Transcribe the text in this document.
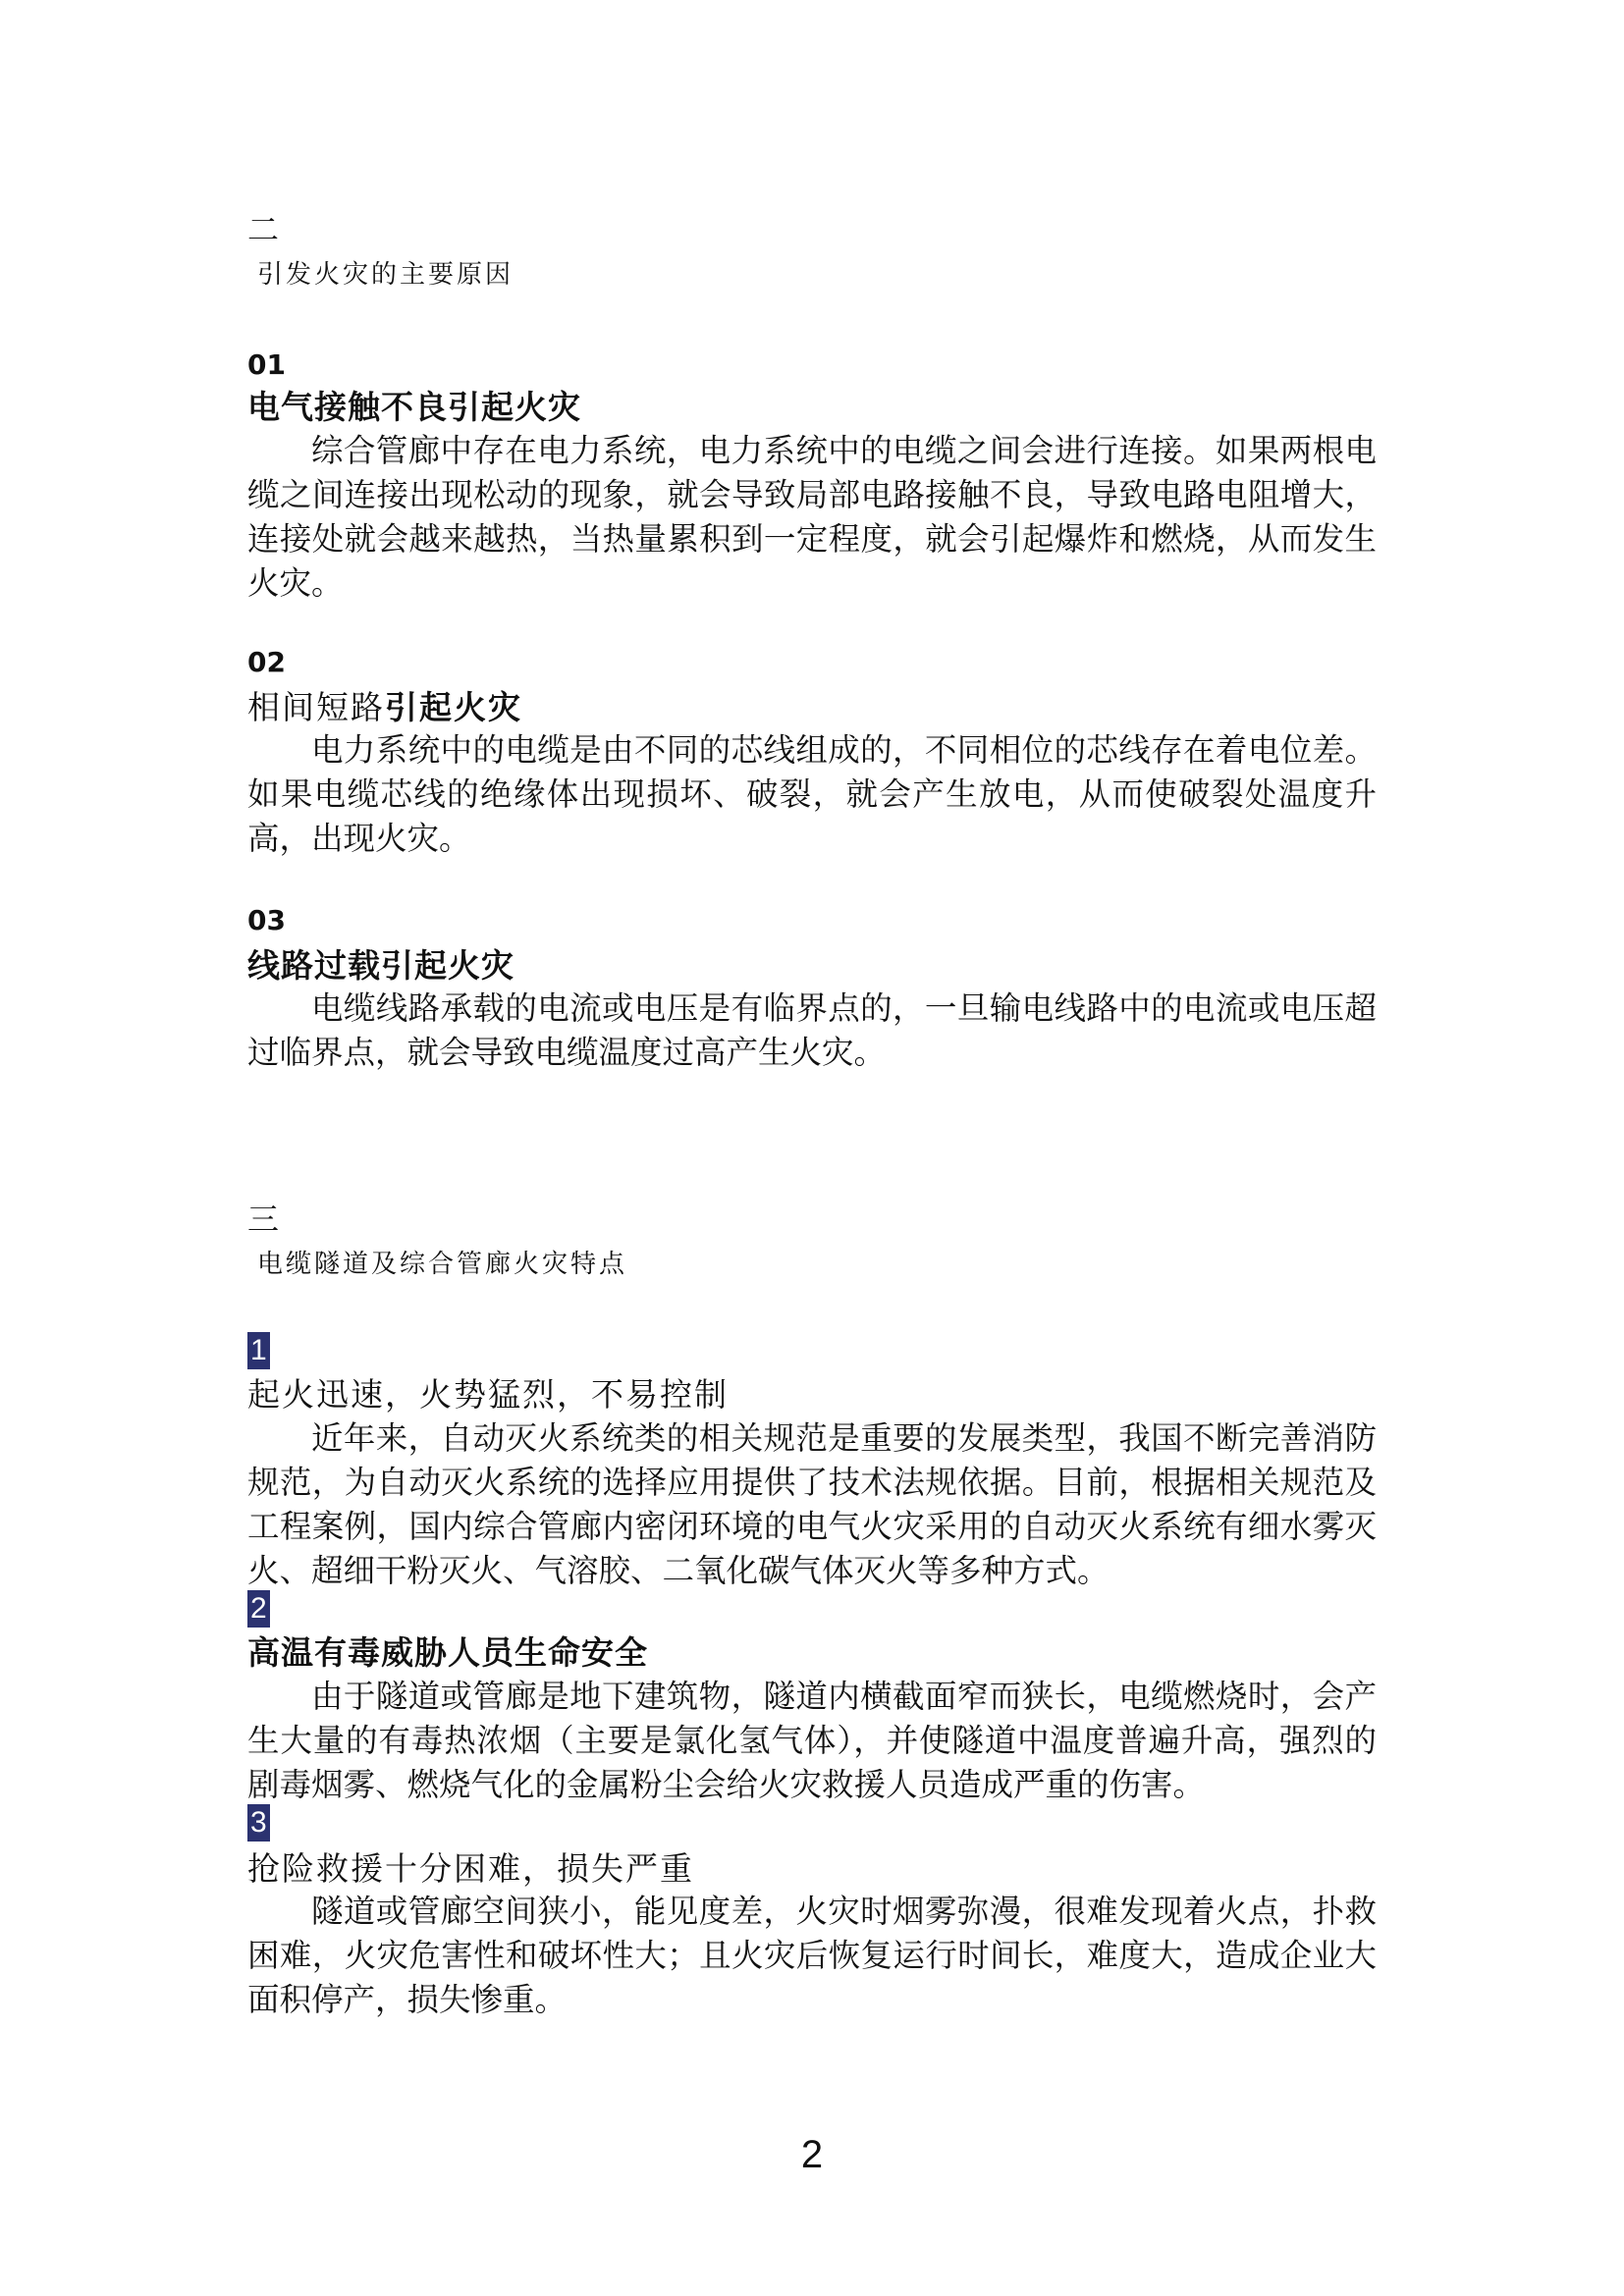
二
引发火灾的主要原因
01
电气接触不良引起火灾
综合管廊中存在电力系统，电力系统中的电缆之间会进行连接。如果两根电缆之间连接出现松动的现象，就会导致局部电路接触不良，导致电路电阻增大，连接处就会越来越热，当热量累积到一定程度，就会引起爆炸和燃烧，从而发生火灾。
02
相间短路引起火灾
电力系统中的电缆是由不同的芯线组成的，不同相位的芯线存在着电位差。如果电缆芯线的绝缘体出现损坏、破裂，就会产生放电，从而使破裂处温度升高，出现火灾。
03
线路过载引起火灾
电缆线路承载的电流或电压是有临界点的，一旦输电线路中的电流或电压超过临界点，就会导致电缆温度过高产生火灾。
三
电缆隧道及综合管廊火灾特点
1
起火迅速，火势猛烈，不易控制
近年来，自动灭火系统类的相关规范是重要的发展类型，我国不断完善消防规范，为自动灭火系统的选择应用提供了技术法规依据。目前，根据相关规范及工程案例，国内综合管廊内密闭环境的电气火灾采用的自动灭火系统有细水雾灭火、超细干粉灭火、气溶胶、二氧化碳气体灭火等多种方式。
2
高温有毒威胁人员生命安全
由于隧道或管廊是地下建筑物，隧道内横截面窄而狭长，电缆燃烧时，会产生大量的有毒热浓烟（主要是氯化氢气体），并使隧道中温度普遍升高，强烈的剧毒烟雾、燃烧气化的金属粉尘会给火灾救援人员造成严重的伤害。
3
抢险救援十分困难，损失严重
隧道或管廊空间狭小，能见度差，火灾时烟雾弥漫，很难发现着火点，扑救困难，火灾危害性和破坏性大；且火灾后恢复运行时间长，难度大，造成企业大面积停产，损失惨重。
2
